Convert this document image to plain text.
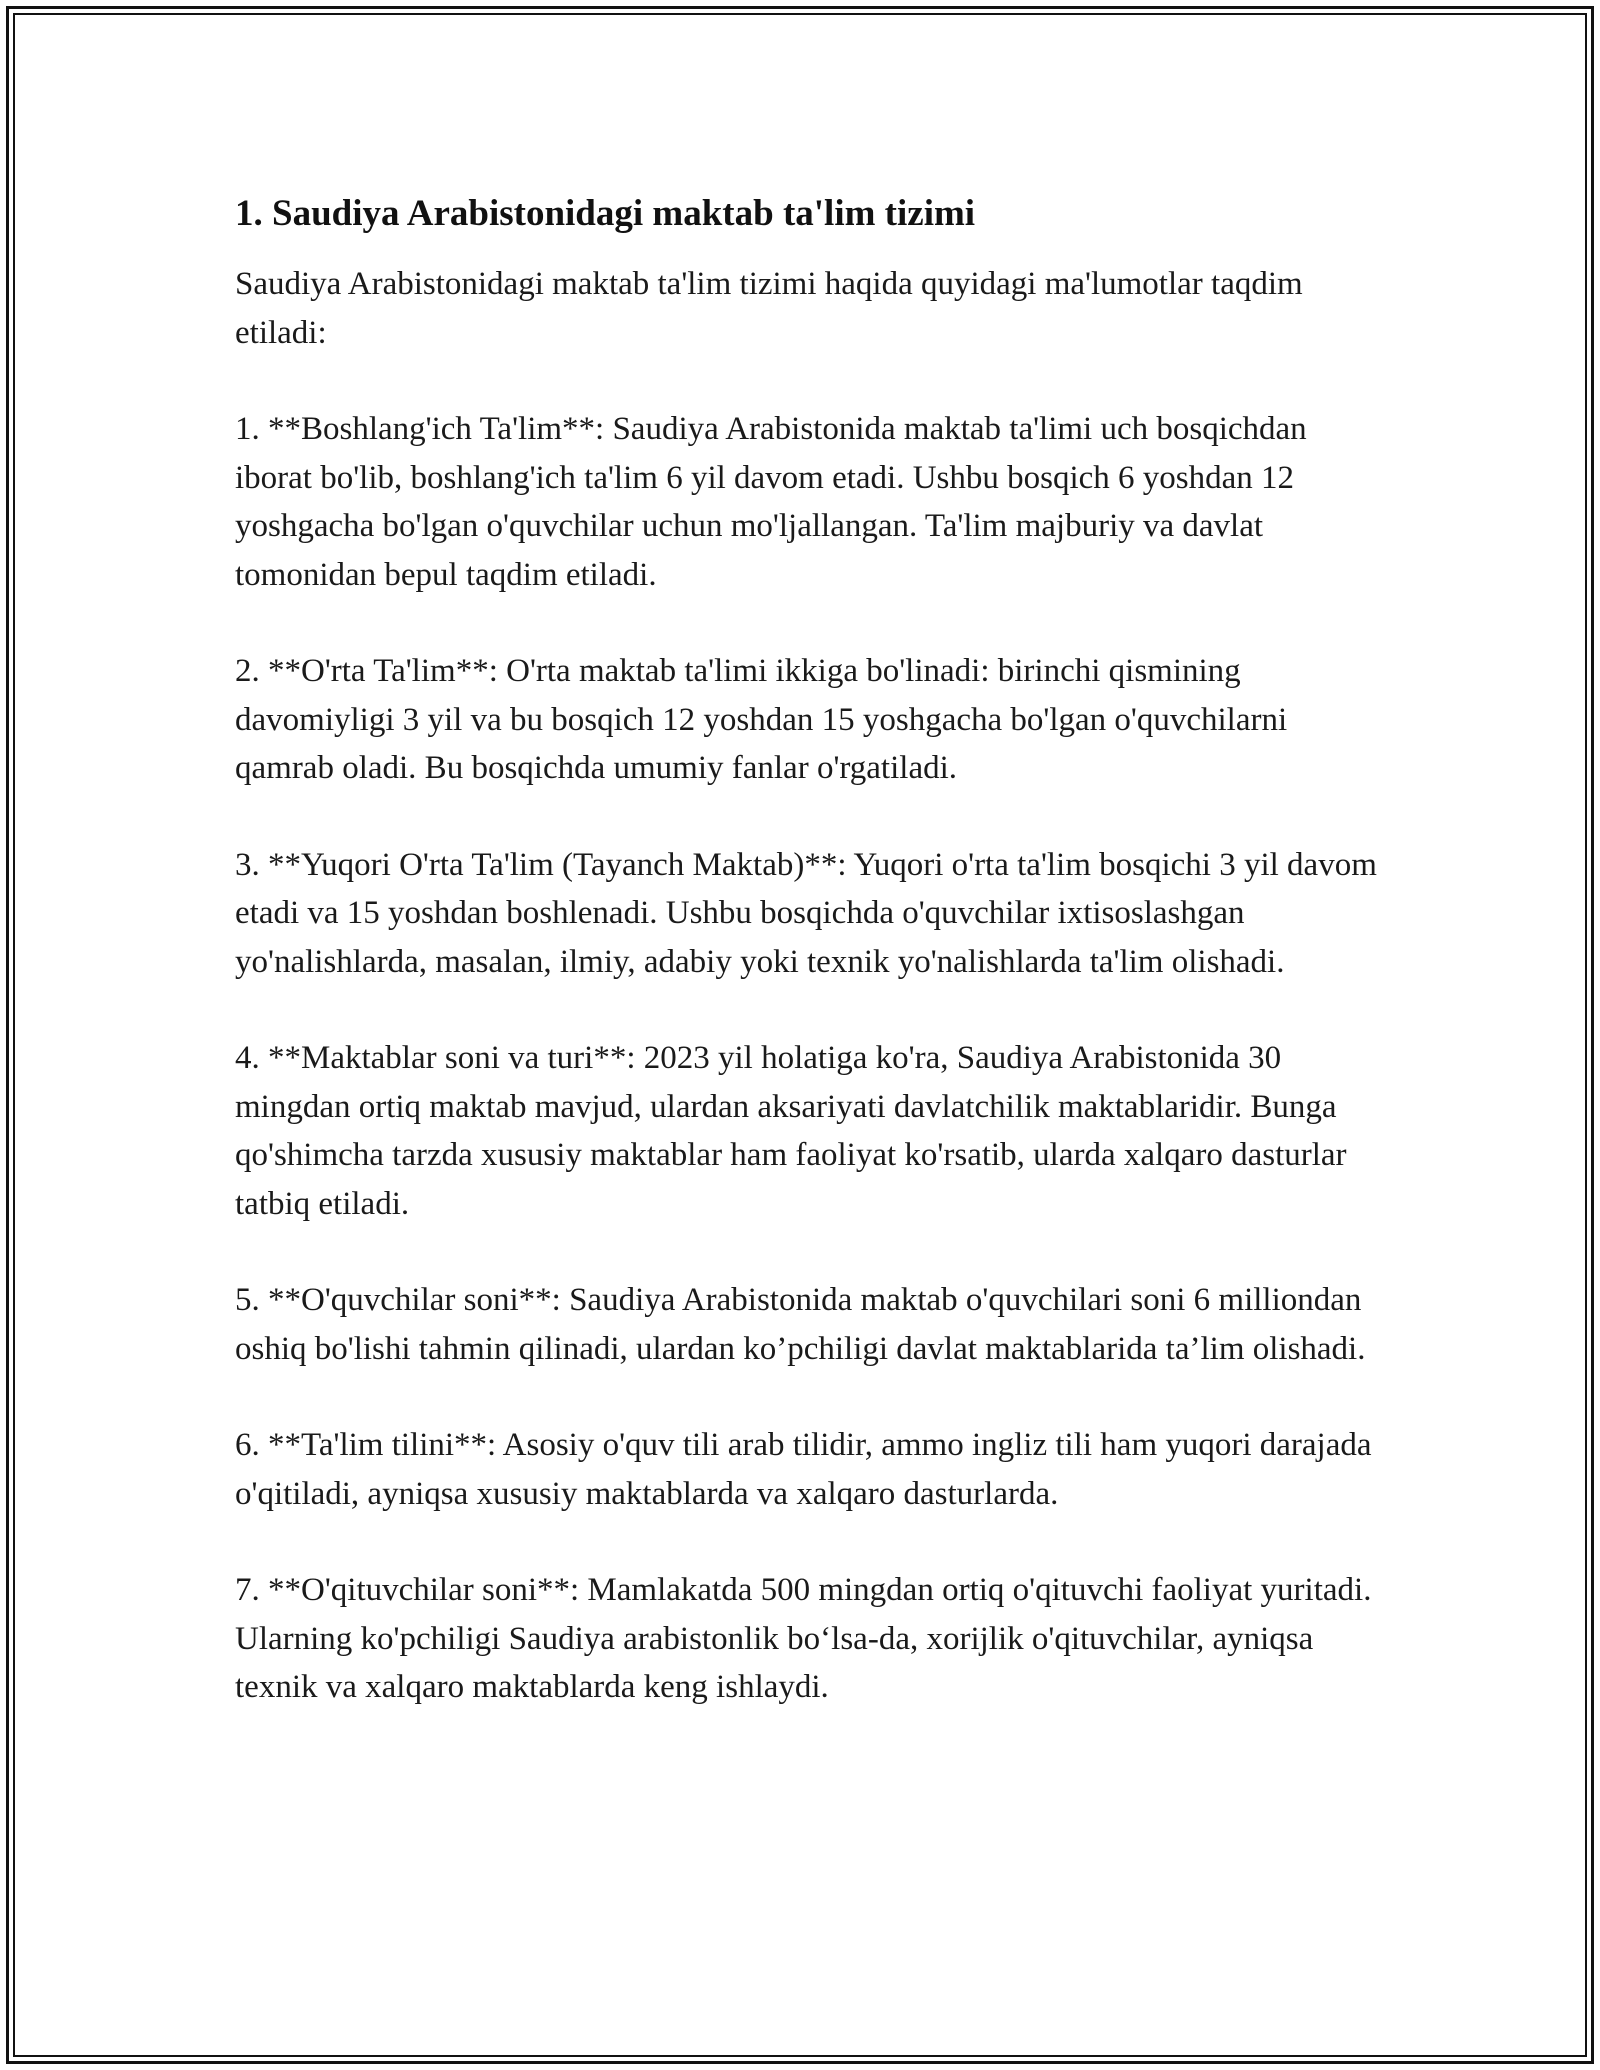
1. Saudiya Arabistonidagi maktab ta'lim tizimi

Saudiya Arabistonidagi maktab ta'lim tizimi haqida quyidagi ma'lumotlar taqdim etiladi:

1. **Boshlang'ich Ta'lim**: Saudiya Arabistonida maktab ta'limi uch bosqichdan iborat bo'lib, boshlang'ich ta'lim 6 yil davom etadi. Ushbu bosqich 6 yoshdan 12 yoshgacha bo'lgan o'quvchilar uchun mo'ljallangan. Ta'lim majburiy va davlat tomonidan bepul taqdim etiladi.

2. **O'rta Ta'lim**: O'rta maktab ta'limi ikkiga bo'linadi: birinchi qismining davomiyligi 3 yil va bu bosqich 12 yoshdan 15 yoshgacha bo'lgan o'quvchilarni qamrab oladi. Bu bosqichda umumiy fanlar o'rgatiladi.

3. **Yuqori O'rta Ta'lim (Tayanch Maktab)**: Yuqori o'rta ta'lim bosqichi 3 yil davom etadi va 15 yoshdan boshlenadi. Ushbu bosqichda o'quvchilar ixtisoslashgan yo'nalishlarda, masalan, ilmiy, adabiy yoki texnik yo'nalishlarda ta'lim olishadi.

4. **Maktablar soni va turi**: 2023 yil holatiga ko'ra, Saudiya Arabistonida 30 mingdan ortiq maktab mavjud, ulardan aksariyati davlatchilik maktablaridir. Bunga qo'shimcha tarzda xususiy maktablar ham faoliyat ko'rsatib, ularda xalqaro dasturlar tatbiq etiladi.

5. **O'quvchilar soni**: Saudiya Arabistonida maktab o'quvchilari soni 6 milliondan oshiq bo'lishi tahmin qilinadi, ulardan ko’pchiligi davlat maktablarida ta’lim olishadi.

6. **Ta'lim tilini**: Asosiy o'quv tili arab tilidir, ammo ingliz tili ham yuqori darajada o'qitiladi, ayniqsa xususiy maktablarda va xalqaro dasturlarda.

7. **O'qituvchilar soni**: Mamlakatda 500 mingdan ortiq o'qituvchi faoliyat yuritadi. Ularning ko'pchiligi Saudiya arabistonlik bo‘lsa-da, xorijlik o'qituvchilar, ayniqsa texnik va xalqaro maktablarda keng ishlaydi.
